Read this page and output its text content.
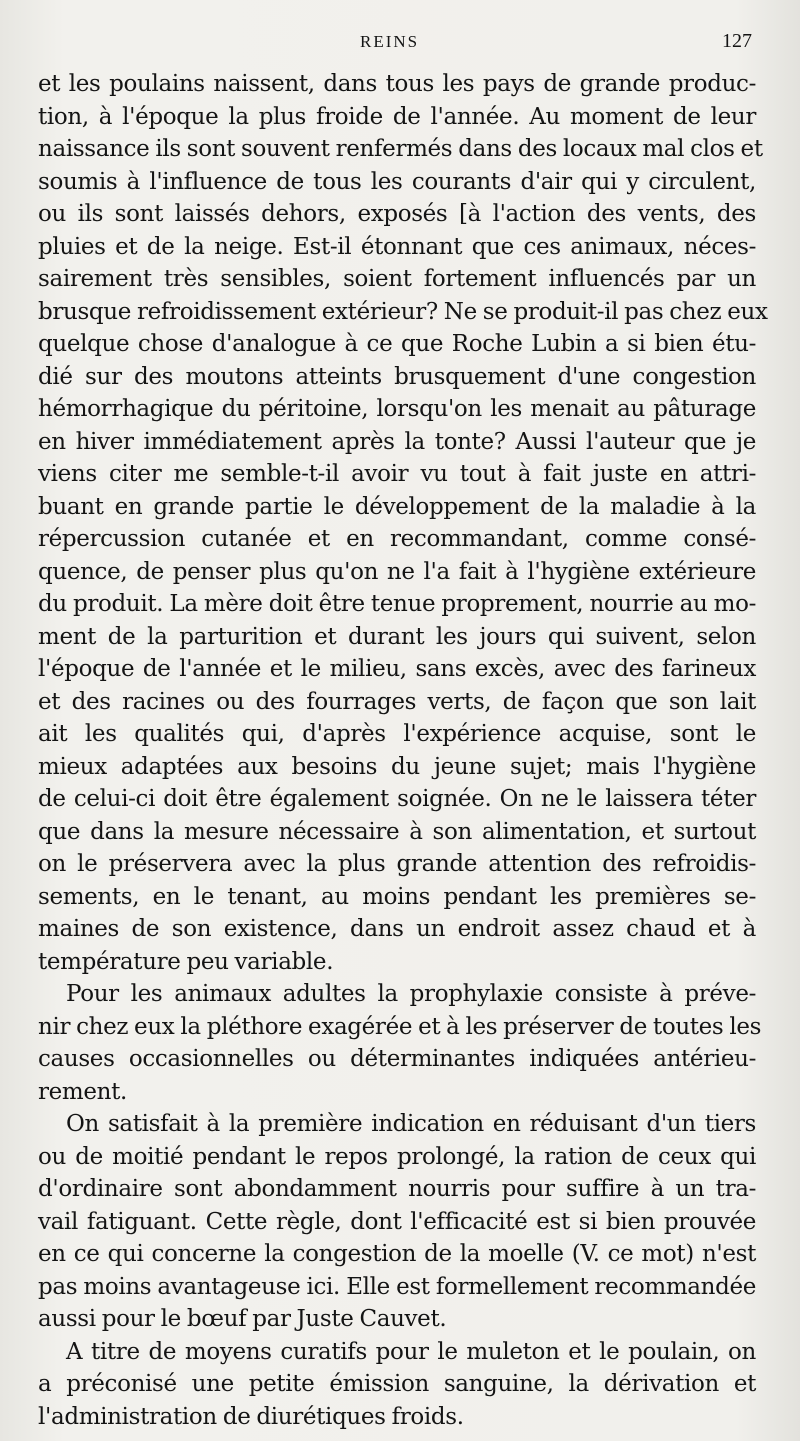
REINS	127
et les poulains naissent, dans tous les pays de grande produc-
tion, à l'époque la plus froide de l'année. Au moment de leur
naissance ils sont souvent renfermés dans des locaux mal clos et
soumis à l'influence de tous les courants d'air qui y circulent,
ou ils sont laissés dehors, exposés [à l'action des vents, des
pluies et de la neige. Est-il étonnant que ces animaux, néces-
sairement très sensibles, soient fortement influencés par un
brusque refroidissement extérieur? Ne se produit-il pas chez eux
quelque chose d'analogue à ce que Roche Lubin a si bien étu-
dié sur des moutons atteints brusquement d'une congestion
hémorrhagique du péritoine, lorsqu'on les menait au pâturage
en hiver immédiatement après la tonte? Aussi l'auteur que je
viens citer me semble-t-il avoir vu tout à fait juste en attri-
buant en grande partie le développement de la maladie à la
répercussion cutanée et en recommandant, comme consé-
quence, de penser plus qu'on ne l'a fait à l'hygiène extérieure
du produit. La mère doit être tenue proprement, nourrie au mo-
ment de la parturition et durant les jours qui suivent, selon
l'époque de l'année et le milieu, sans excès, avec des farineux
et des racines ou des fourrages verts, de façon que son lait
ait les qualités qui, d'après l'expérience acquise, sont le
mieux adaptées aux besoins du jeune sujet; mais l'hygiène
de celui-ci doit être également soignée. On ne le laissera téter
que dans la mesure nécessaire à son alimentation, et surtout
on le préservera avec la plus grande attention des refroidis-
sements, en le tenant, au moins pendant les premières se-
maines de son existence, dans un endroit assez chaud et à
température peu variable.
Pour les animaux adultes la prophylaxie consiste à préve-
nir chez eux la pléthore exagérée et à les préserver de toutes les
causes occasionnelles ou déterminantes indiquées antérieu-
rement.
On satisfait à la première indication en réduisant d'un tiers
ou de moitié pendant le repos prolongé, la ration de ceux qui
d'ordinaire sont abondamment nourris pour suffire à un tra-
vail fatiguant. Cette règle, dont l'efficacité est si bien prouvée
en ce qui concerne la congestion de la moelle (V. ce mot) n'est
pas moins avantageuse ici. Elle est formellement recommandée
aussi pour le bœuf par Juste Cauvet.
A titre de moyens curatifs pour le muleton et le poulain, on
a préconisé une petite émission sanguine, la dérivation et
l'administration de diurétiques froids.
